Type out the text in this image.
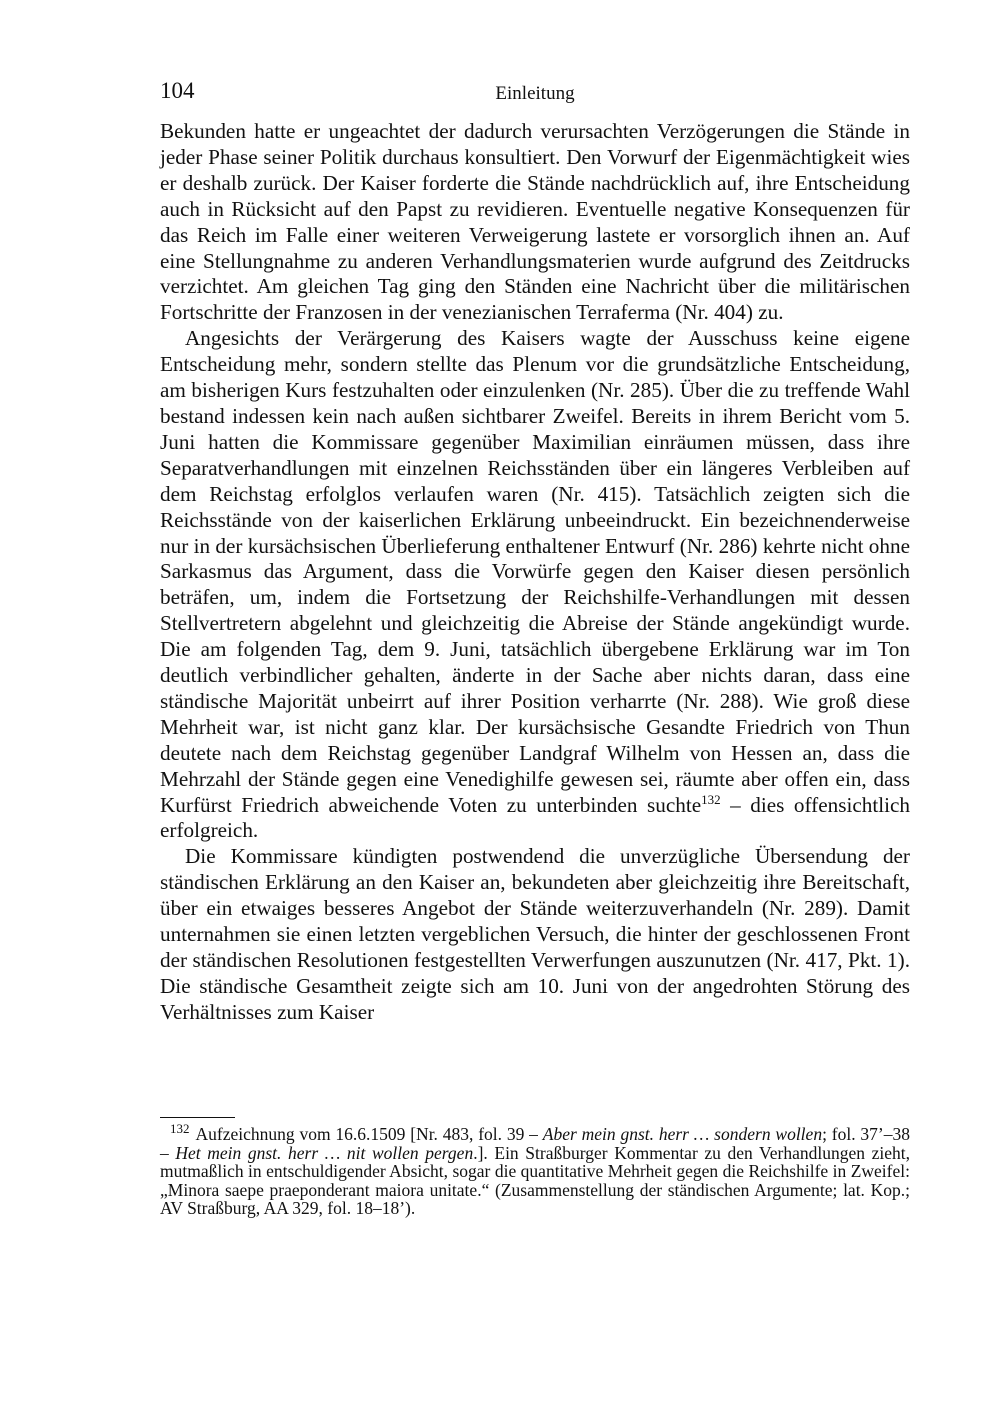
104	Einleitung

Bekunden hatte er ungeachtet der dadurch verursachten Verzögerungen die Stände in jeder Phase seiner Politik durchaus konsultiert. Den Vorwurf der Eigenmächtigkeit wies er deshalb zurück. Der Kaiser forderte die Stände nachdrücklich auf, ihre Entscheidung auch in Rücksicht auf den Papst zu revidieren. Eventuelle negative Konsequenzen für das Reich im Falle einer weiteren Verweigerung lastete er vorsorglich ihnen an. Auf eine Stellungnahme zu anderen Verhandlungsmaterien wurde aufgrund des Zeitdrucks verzichtet. Am gleichen Tag ging den Ständen eine Nachricht über die militärischen Fortschritte der Franzosen in der venezianischen Terraferma (Nr. 404) zu.

Angesichts der Verärgerung des Kaisers wagte der Ausschuss keine eigene Entscheidung mehr, sondern stellte das Plenum vor die grundsätzliche Entscheidung, am bisherigen Kurs festzuhalten oder einzulenken (Nr. 285). Über die zu treffende Wahl bestand indessen kein nach außen sichtbarer Zweifel. Bereits in ihrem Bericht vom 5. Juni hatten die Kommissare gegenüber Maximilian einräumen müssen, dass ihre Separatverhandlungen mit einzelnen Reichsständen über ein längeres Verbleiben auf dem Reichstag erfolglos verlaufen waren (Nr. 415). Tatsächlich zeigten sich die Reichsstände von der kaiserlichen Erklärung unbeeindruckt. Ein bezeichnenderweise nur in der kursächsischen Überlieferung enthaltener Entwurf (Nr. 286) kehrte nicht ohne Sarkasmus das Argument, dass die Vorwürfe gegen den Kaiser diesen persönlich beträfen, um, indem die Fortsetzung der Reichshilfe-Verhandlungen mit dessen Stellvertretern abgelehnt und gleichzeitig die Abreise der Stände angekündigt wurde. Die am folgenden Tag, dem 9. Juni, tatsächlich übergebene Erklärung war im Ton deutlich verbindlicher gehalten, änderte in der Sache aber nichts daran, dass eine ständische Majorität unbeirrt auf ihrer Position verharrte (Nr. 288). Wie groß diese Mehrheit war, ist nicht ganz klar. Der kursächsische Gesandte Friedrich von Thun deutete nach dem Reichstag gegenüber Landgraf Wilhelm von Hessen an, dass die Mehrzahl der Stände gegen eine Venedighilfe gewesen sei, räumte aber offen ein, dass Kurfürst Friedrich abweichende Voten zu unterbinden suchte$^{132}$ – dies offensichtlich erfolgreich.

Die Kommissare kündigten postwendend die unverzügliche Übersendung der ständischen Erklärung an den Kaiser an, bekundeten aber gleichzeitig ihre Bereitschaft, über ein etwaiges besseres Angebot der Stände weiterzuverhandeln (Nr. 289). Damit unternahmen sie einen letzten vergeblichen Versuch, die hinter der geschlossenen Front der ständischen Resolutionen festgestellten Verwerfungen auszunutzen (Nr. 417, Pkt. 1). Die ständische Gesamtheit zeigte sich am 10. Juni von der angedrohten Störung des Verhältnisses zum Kaiser

$^{132}$ Aufzeichnung vom 16.6.1509 [Nr. 483, fol. 39 – Aber mein gnst. herr … sondern wollen; fol. 37’–38 – Het mein gnst. herr … nit wollen pergen.]. Ein Straßburger Kommentar zu den Verhandlungen zieht, mutmaßlich in entschuldigender Absicht, sogar die quantitative Mehrheit gegen die Reichshilfe in Zweifel: „Minora saepe praeponderant maiora unitate.“ (Zusammenstellung der ständischen Argumente; lat. Kop.; AV Straßburg, AA 329, fol. 18–18’).
